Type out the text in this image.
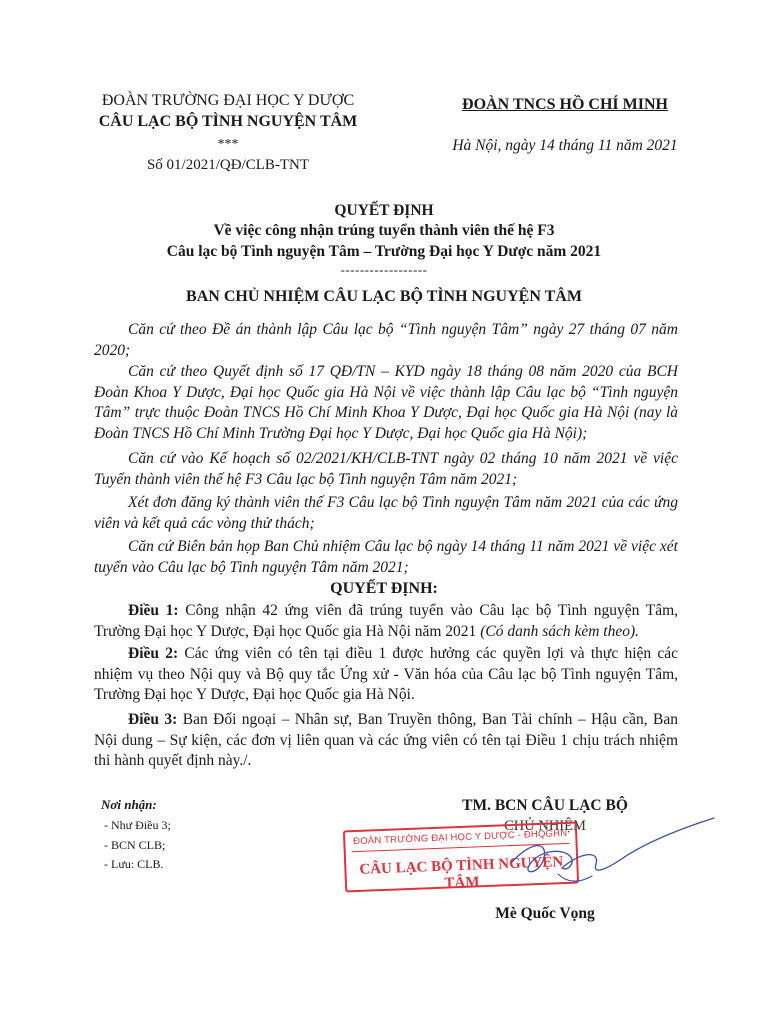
ĐOÀN TRƯỜNG ĐẠI HỌC Y DƯỢC
CÂU LẠC BỘ TÌNH NGUYỆN TÂM
***
Số 01/2021/QĐ/CLB-TNT
ĐOÀN TNCS HỒ CHÍ MINH
Hà Nội, ngày 14 tháng 11 năm 2021
QUYẾT ĐỊNH
Về việc công nhận trúng tuyển thành viên thế hệ F3
Câu lạc bộ Tình nguyện Tâm – Trường Đại học Y Dược năm 2021
------------------
BAN CHỦ NHIỆM CÂU LẠC BỘ TÌNH NGUYỆN TÂM
Căn cứ theo Đề án thành lập Câu lạc bộ “Tình nguyện Tâm” ngày 27 tháng 07 năm 2020;
Căn cứ theo Quyết định số 17 QĐ/TN – KYD ngày 18 tháng 08 năm 2020 của BCH Đoàn Khoa Y Dược, Đại học Quốc gia Hà Nội về việc thành lập Câu lạc bộ “Tình nguyện Tâm” trực thuộc Đoàn TNCS Hồ Chí Minh Khoa Y Dược, Đại học Quốc gia Hà Nội (nay là Đoàn TNCS Hồ Chí Minh Trường Đại học Y Dược, Đại học Quốc gia Hà Nội);
Căn cứ vào Kế hoạch số 02/2021/KH/CLB-TNT ngày 02 tháng 10 năm 2021 về việc Tuyển thành viên thế hệ F3 Câu lạc bộ Tình nguyện Tâm năm 2021;
Xét đơn đăng ký thành viên thế F3 Câu lạc bộ Tình nguyện Tâm năm 2021 của các ứng viên và kết quả các vòng thử thách;
Căn cứ Biên bản họp Ban Chủ nhiệm Câu lạc bộ ngày 14 tháng 11 năm 2021 về việc xét tuyển vào Câu lạc bộ Tình nguyện Tâm năm 2021;
QUYẾT ĐỊNH:
Điều 1: Công nhận 42 ứng viên đã trúng tuyển vào Câu lạc bộ Tình nguyện Tâm, Trường Đại học Y Dược, Đại học Quốc gia Hà Nội năm 2021 (Có danh sách kèm theo).
Điều 2: Các ứng viên có tên tại điều 1 được hưởng các quyền lợi và thực hiện các nhiệm vụ theo Nội quy và Bộ quy tắc Ứng xử - Văn hóa của Câu lạc bộ Tình nguyện Tâm, Trường Đại học Y Dược, Đại học Quốc gia Hà Nội.
Điều 3: Ban Đối ngoại – Nhân sự, Ban Truyền thông, Ban Tài chính – Hậu cần, Ban Nội dung – Sự kiện, các đơn vị liên quan và các ứng viên có tên tại Điều 1 chịu trách nhiệm thi hành quyết định này./.
Nơi nhận:
- Như Điều 3;
- BCN CLB;
- Lưu: CLB.
TM. BCN CÂU LẠC BỘ
CHỦ NHIỆM
ĐOÀN TRƯỜNG ĐẠI HỌC Y DƯỢC - ĐHQGHN
CÂU LẠC BỘ TÌNH NGUYỆN TÂM
Mè Quốc Vọng
